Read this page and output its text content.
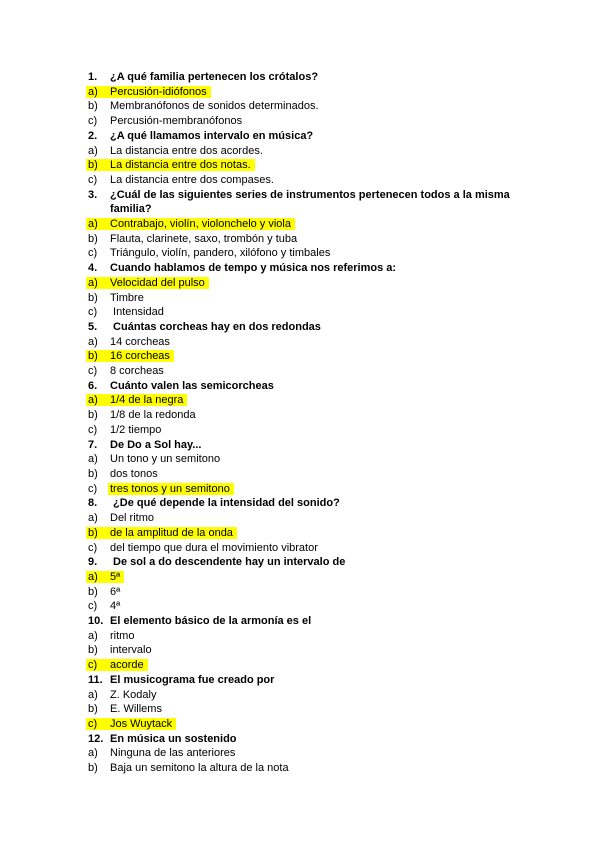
1. ¿A qué familia pertenecen los crótalos?
a) Percusión-idiófonos
b) Membranófonos de sonidos determinados.
c) Percusión-membranófonos
2. ¿A qué llamamos intervalo en música?
a) La distancia entre dos acordes.
b) La distancia entre dos notas.
c) La distancia entre dos compases.
3. ¿Cuál de las siguientes series de instrumentos pertenecen todos a la misma familia?
a) Contrabajo, violín, violonchelo y viola
b) Flauta, clarinete, saxo, trombón y tuba
c) Triángulo, violín, pandero, xilófono y timbales
4. Cuando hablamos de tempo y música nos referimos a:
a) Velocidad del pulso
b) Timbre
c) Intensidad
5. Cuántas corcheas hay en dos redondas
a) 14 corcheas
b) 16 corcheas
c) 8 corcheas
6. Cuánto valen las semicorcheas
a) 1/4 de la negra
b) 1/8 de la redonda
c) 1/2 tiempo
7. De Do a Sol hay...
a) Un tono y un semitono
b) dos tonos
c) tres tonos y un semitono
8. ¿De qué depende la intensidad del sonido?
a) Del ritmo
b) de la amplitud de la onda
c) del tiempo que dura el movimiento vibrator
9. De sol a do descendente hay un intervalo de
a) 5ª
b) 6ª
c) 4ª
10. El elemento básico de la armonía es el
a) ritmo
b) intervalo
c) acorde
11. El musicograma fue creado por
a) Z. Kodaly
b) E. Willems
c) Jos Wuytack
12. En música un sostenido
a) Ninguna de las anteriores
b) Baja un semitono la altura de la nota
